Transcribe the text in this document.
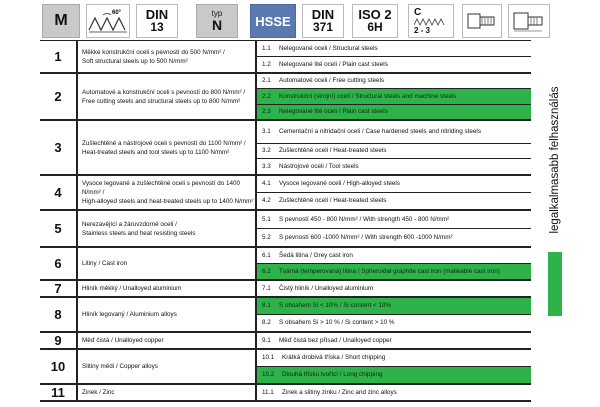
M	60° DIN
13
typ
N	HSSE DIN
371
ISO 2
6H
C
2 - 3
1	Měkké konstrukční oceli s pevností do 500 N/mm² /
Soft structural steels up to 500 N/mm²
1.1	Nelegované oceli / Structural steels
1.2	Nelegované lité oceli / Plain cast steels
2	Automatové a konstrukční oceli s pevností do 800 N/mm² /
Free cutting steels and structural steels up to 800 N/mm²
2.1	Automatové oceli / Free cutting steels
2.2	Konstrukční (strojní) oceli / Structural steels and machine steels
2.3	Nelegované lité oceli / Plain cast steels
3	Zušlechtěné a nástrojové oceli s pevností do 1100 N/mm² /
Heat-treated steels and tool steels up to 1100 N/mm²
3.1	Cementační a nitridační oceli / Case hardened steels and nitriding steels
3.2	Zušlechtěné oceli / Heat-treated steels
3.3	Nástrojové oceli / Tool steels
4
Vysoce legované a zušlechtěné oceli s pevností do 1400 N/mm² /
High-alloyed steels and heat-treated steels up to 1400 N/mm²
4.1	Vysoce legované oceli / High-alloyed steels
4.2	Zušlechtěné oceli / Heat-treated steels
5	Nerezavějící a žáruvzdorné oceli /
Stainless steels and heat resisting steels
5.1	S pevností 450 - 800 N/mm² / With strength 450 - 800 N/mm²
5.2	S pevností 600 -1000 N/mm² / With strength 600 -1000 N/mm²
6	Litiny / Cast iron
6.1	Šedá litina / Grey cast iron
6.2	Tvárná (temperovaná) litina / Spheroidal graphite cast iron (malleable cast iron)
7	Hliník měkký / Unalloyed aluminium	7.1	Čistý hliník / Unalloyed aluminium
8	Hliník legovaný / Aluminium alloys
8.1	S obsahem Si < 10% / Si content < 10%
8.2	S obsahem Si > 10 % / Si content > 10 %
9	Měď čistá / Unalloyed copper	9.1	Měď čistá bez přísad / Unalloyed copper
10	Slitiny mědi / Copper alloys
10.1	Krátká drobivá tříska / Short chipping
10.2	Dlouhá třísku tvořící / Long chipping
11	Zinek / Zinc	11.1	Zinek a slitiny zinku / Zinc and zinc alloys
legalkalmasabb felhasználás
